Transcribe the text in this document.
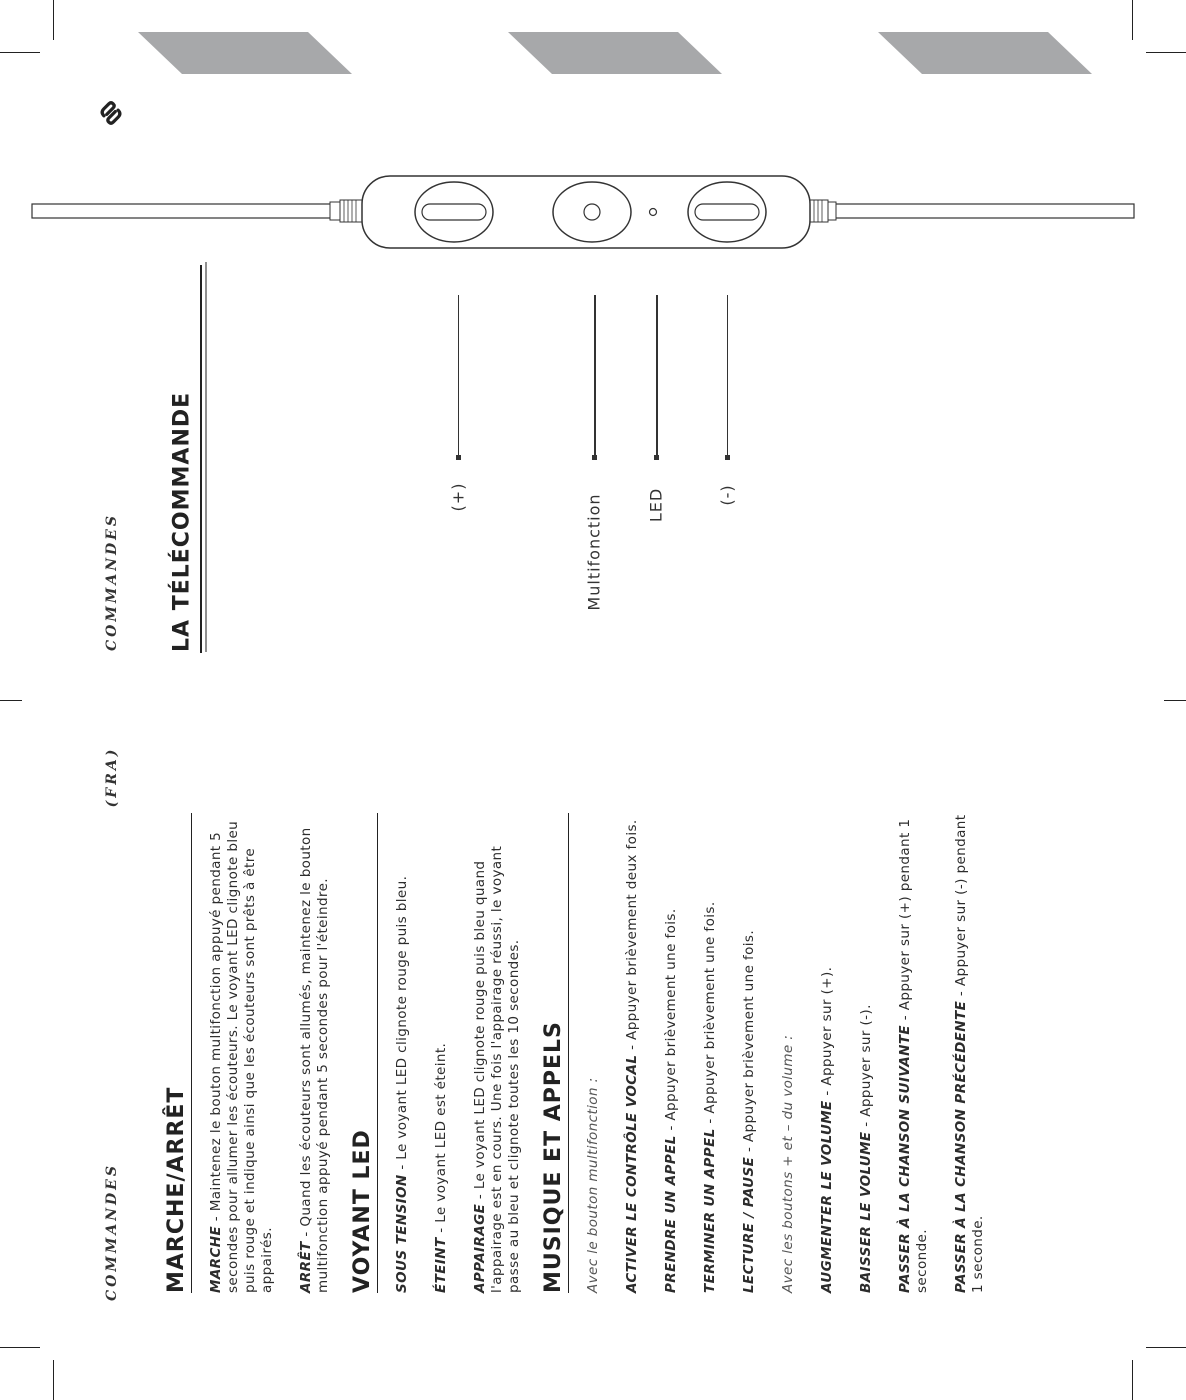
(+)	Multifonction	LED	(-)
COMMANDES LA TÉLÉCOMMANDE
COMMANDES
(FRA)
MARCHE/ARRÊT MARCHE - Maintenez le bouton multifonction appuyé pendant 5 secondes pour allumer les écouteurs. Le voyant LED clignote bleu puis rouge et indique ainsi que les écouteurs sont prêts à être appairés. ARRÊT - Quand les écouteurs sont allumés, maintenez le bouton multifonction appuyé pendant 5 secondes pour l'éteindre. VOYANT LED SOUS TENSION - Le voyant LED clignote rouge puis bleu.

ÉTEINT - Le voyant LED est éteint.

APPAIRAGE - Le voyant LED clignote rouge puis bleu quand l'appairage est en cours. Une fois l'appairage réussi, le voyant passe au bleu et clignote toutes les 10 secondes. MUSIQUE ET APPELS Avec le bouton multifonction : ACTIVER LE CONTRÔLE VOCAL - Appuyer brièvement deux fois.

PRENDRE UN APPEL - Appuyer brièvement une fois.

TERMINER UN APPEL - Appuyer brièvement une fois.

LECTURE / PAUSE - Appuyer brièvement une fois. Avec les boutons + et – du volume : AUGMENTER LE VOLUME - Appuyer sur (+).

BAISSER LE VOLUME - Appuyer sur (-). PASSER À LA CHANSON SUIVANTE - Appuyer sur (+) pendant 1 seconde. PASSER À LA CHANSON PRÉCÉDENTE - Appuyer sur (-) pendant 1 seconde.
